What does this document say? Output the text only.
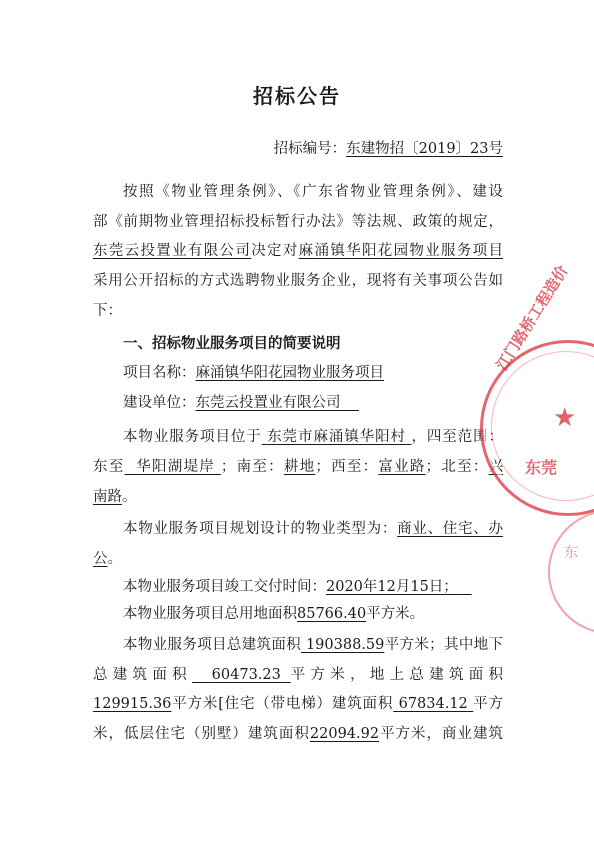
招标公告
招标编号：东建物招〔2019〕23号
按照《物业管理条例》、《广东省物业管理条例》、建设
部《前期物业管理招标投标暂行办法》等法规、政策的规定，
东莞云投置业有限公司决定对麻涌镇华阳花园物业服务项目
采用公开招标的方式选聘物业服务企业，现将有关事项公告如
下：
一、招标物业服务项目的简要说明
项目名称：麻涌镇华阳花园物业服务项目
建设单位：东莞云投置业有限公司
本物业服务项目位于 东莞市麻涌镇华阳村 ，四至范围：
东至 华阳湖堤岸 ；南至：耕地；西至：富业路；北至：兴
南路。
本物业服务项目规划设计的物业类型为：商业、住宅、办
公。
本物业服务项目竣工交付时间：2020年12月15日；
本物业服务项目总用地面积85766.40平方米。
本物业服务项目总建筑面积 190388.59平方米；其中地下
总建筑面积 60473.23 平方米，地上总建筑面积
129915.36平方米[住宅（带电梯）建筑面积 67834.12 平方
米，低层住宅（别墅）建筑面积22094.92平方米，商业建筑
江门路桥工程造价
东莞
★
东
